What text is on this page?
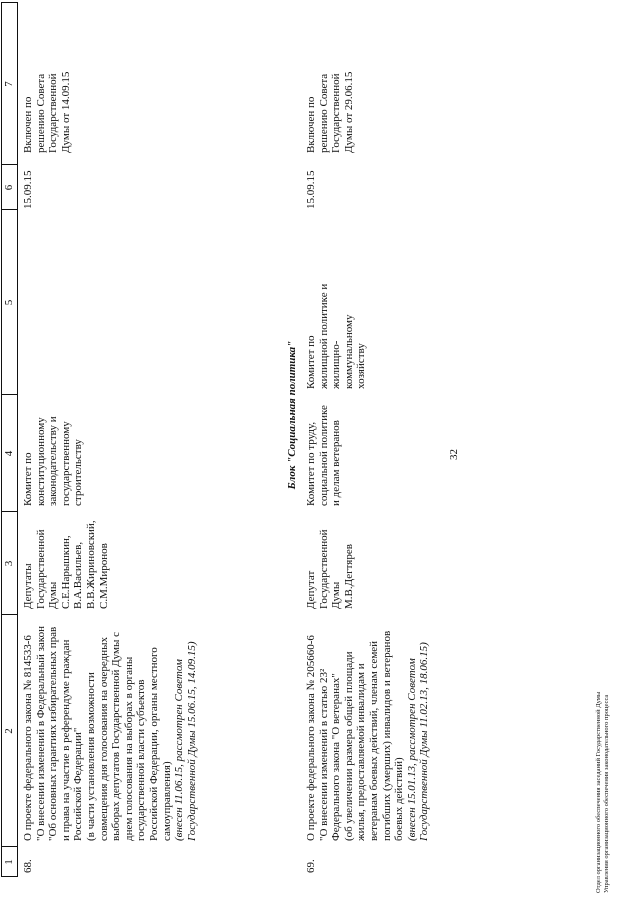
32
1
2
3
4
5
6
7
68.
О проекте федерального закона № 814533-6 "О внесении изменений в Федеральный закон "Об основных гарантиях избирательных прав и права на участие в референдуме граждан Российской Федерации" (в части установления возможности совмещения дня голосования на очередных выборах депутатов Государственной Думы с днем голосования на выборах в органы государственной власти субъектов Российской Федерации, органы местного самоуправления) (внесен 11.06.15, рассмотрен Советом Государственной Думы 15.06.15, 14.09.15)
Депутаты Государственной Думы С.Е.Нарышкин, В.А.Васильев, В.В.Жириновский, С.М.Миронов
Комитет по конституционному законодательству и государственному строительству
15.09.15
Включен по решению Совета Государственной Думы от 14.09.15
Блок "Социальная политика"
69.
О проекте федерального закона № 205660-6 "О внесении изменений в статью 23² Федерального закона "О ветеранах" (об увеличении размера общей площади жилья, предоставляемой инвалидам и ветеранам боевых действий, членам семей погибших (умерших) инвалидов и ветеранов боевых действий) (внесен 15.01.13, рассмотрен Советом Государственной Думы 11.02.13, 18.06.15)
Депутат Государственной Думы М.В.Дегтярев
Комитет по труду, социальной политике и делам ветеранов
Комитет по жилищной политике и жилищно- коммунальному хозяйству
15.09.15
Включен по решению Совета Государственной Думы от 29.06.15
Отдел организационного обеспечения заседаний Государственной Думы Управления организационного обеспечения законодательного процесса
